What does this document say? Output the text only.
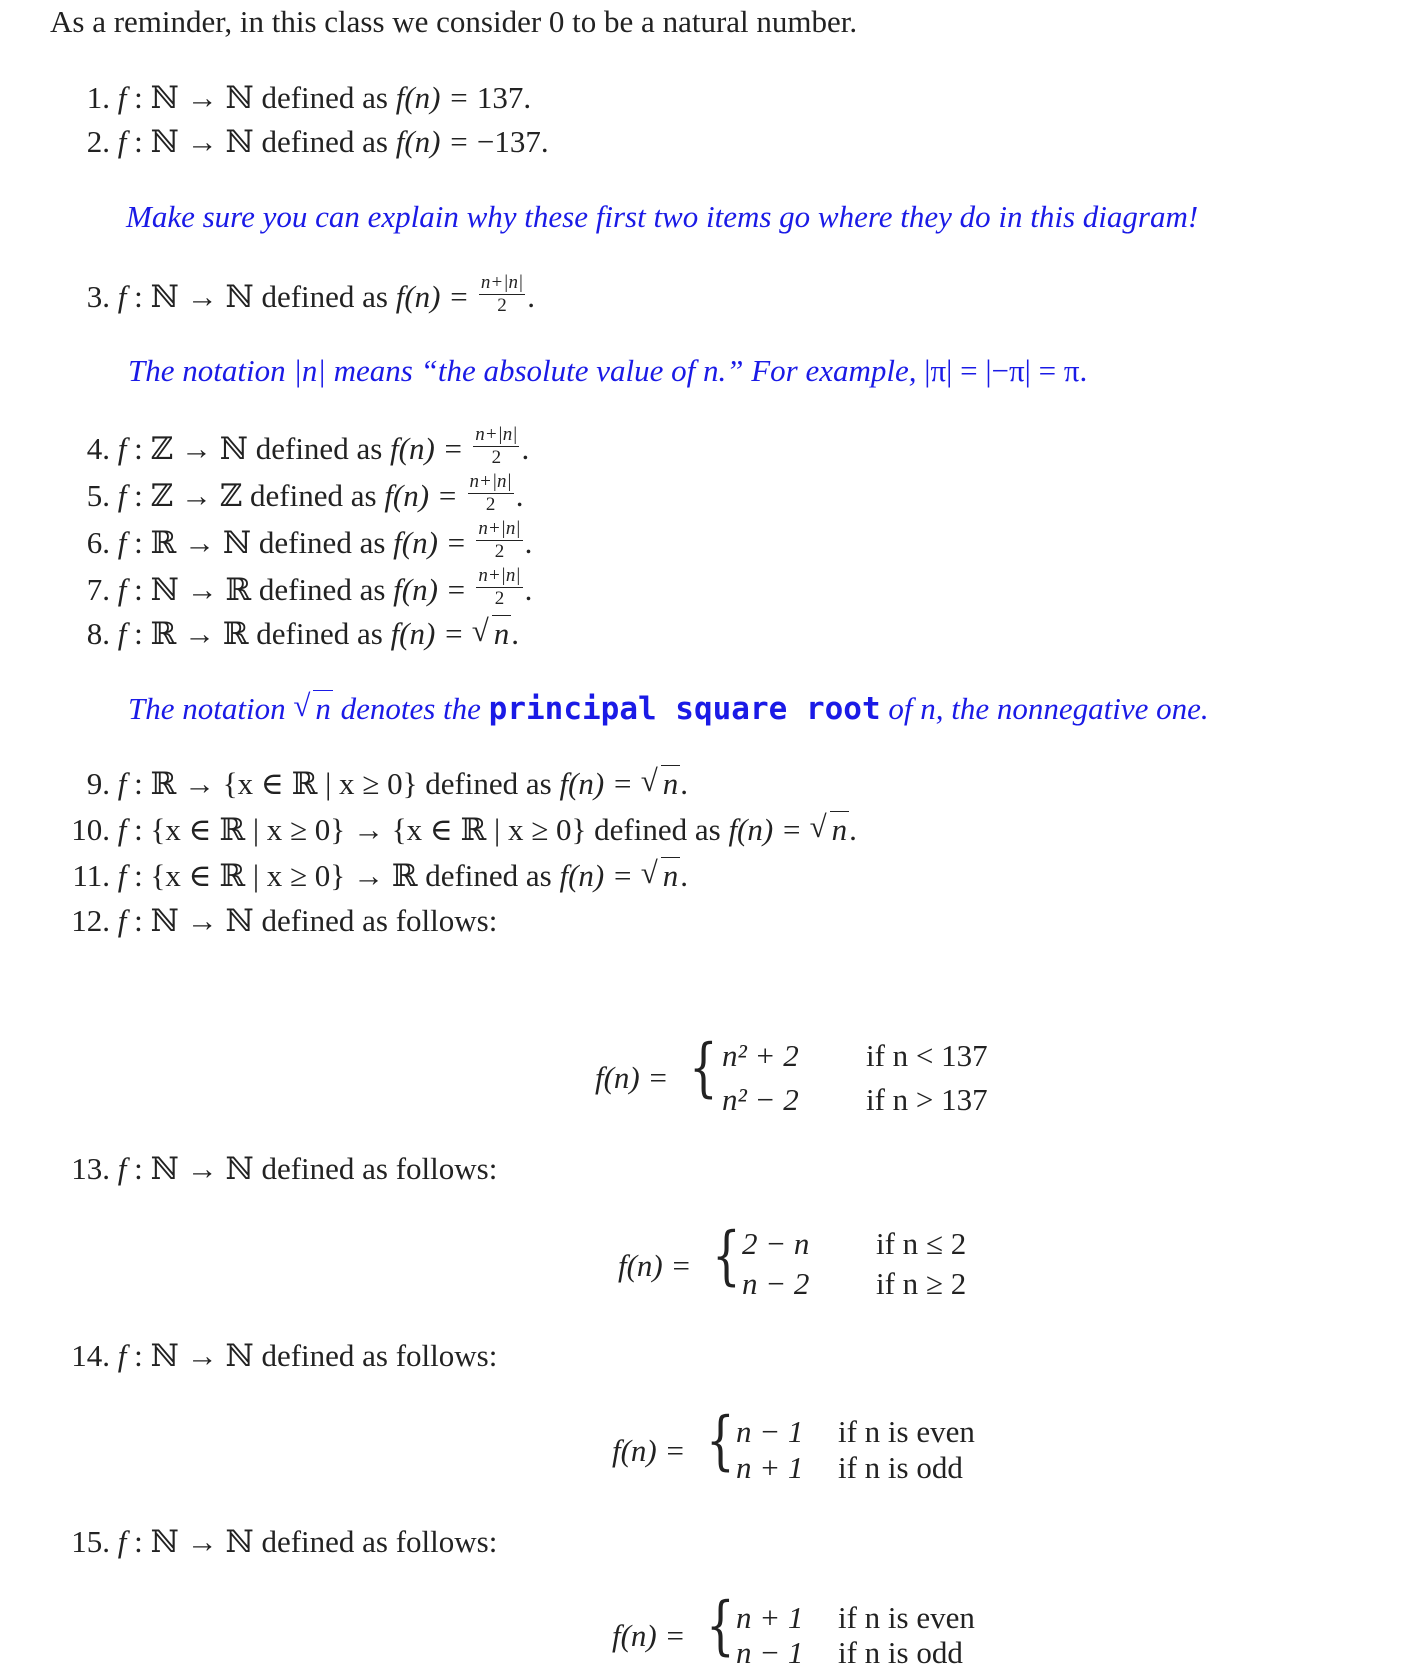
As a reminder, in this class we consider 0 to be a natural number.
1. f : ℕ → ℕ defined as f(n) = 137.
2. f : ℕ → ℕ defined as f(n) = −137.
Make sure you can explain why these first two items go where they do in this diagram!
3. f : ℕ → ℕ defined as $f(n) = \frac{n+|n|}{2}$ .
The notation |n| means “the absolute value of n.” For example, |π| = |−π| = π.
4. f : ℤ → ℕ defined as $f(n) = \frac{n+|n|}{2}$ .
5. f : ℤ → ℤ defined as $f(n) = \frac{n+|n|}{2}$ .
6. f : ℝ → ℕ defined as $f(n) = \frac{n+|n|}{2}$ .
7. f : ℕ → ℝ defined as $f(n) = \frac{n+|n|}{2}$ .
8. f : ℝ → ℝ defined as f(n) = √ n.
The notation √ n denotes the principal square root of n, the nonnegative one.
9. f : ℝ → {x ∈ ℝ | x ≥ 0} defined as f(n) = √ n.
10. f : {x ∈ ℝ | x ≥ 0} → {x ∈ ℝ | x ≥ 0} defined as f(n) = √ n.
11. f : {x ∈ ℝ | x ≥ 0} → ℝ defined as f(n) = √ n.
12. f : ℕ → ℕ defined as follows:
f(n) = { n² + 2 if n < 137
n² − 2 if n > 137
13. f : ℕ → ℕ defined as follows:
f(n) = { 2 − n if n ≤ 2
n − 2 if n ≥ 2
14. f : ℕ → ℕ defined as follows:
f(n) = { n − 1 if n is even
n + 1 if n is odd
15. f : ℕ → ℕ defined as follows:
f(n) = { n + 1 if n is even
n − 1 if n is odd
